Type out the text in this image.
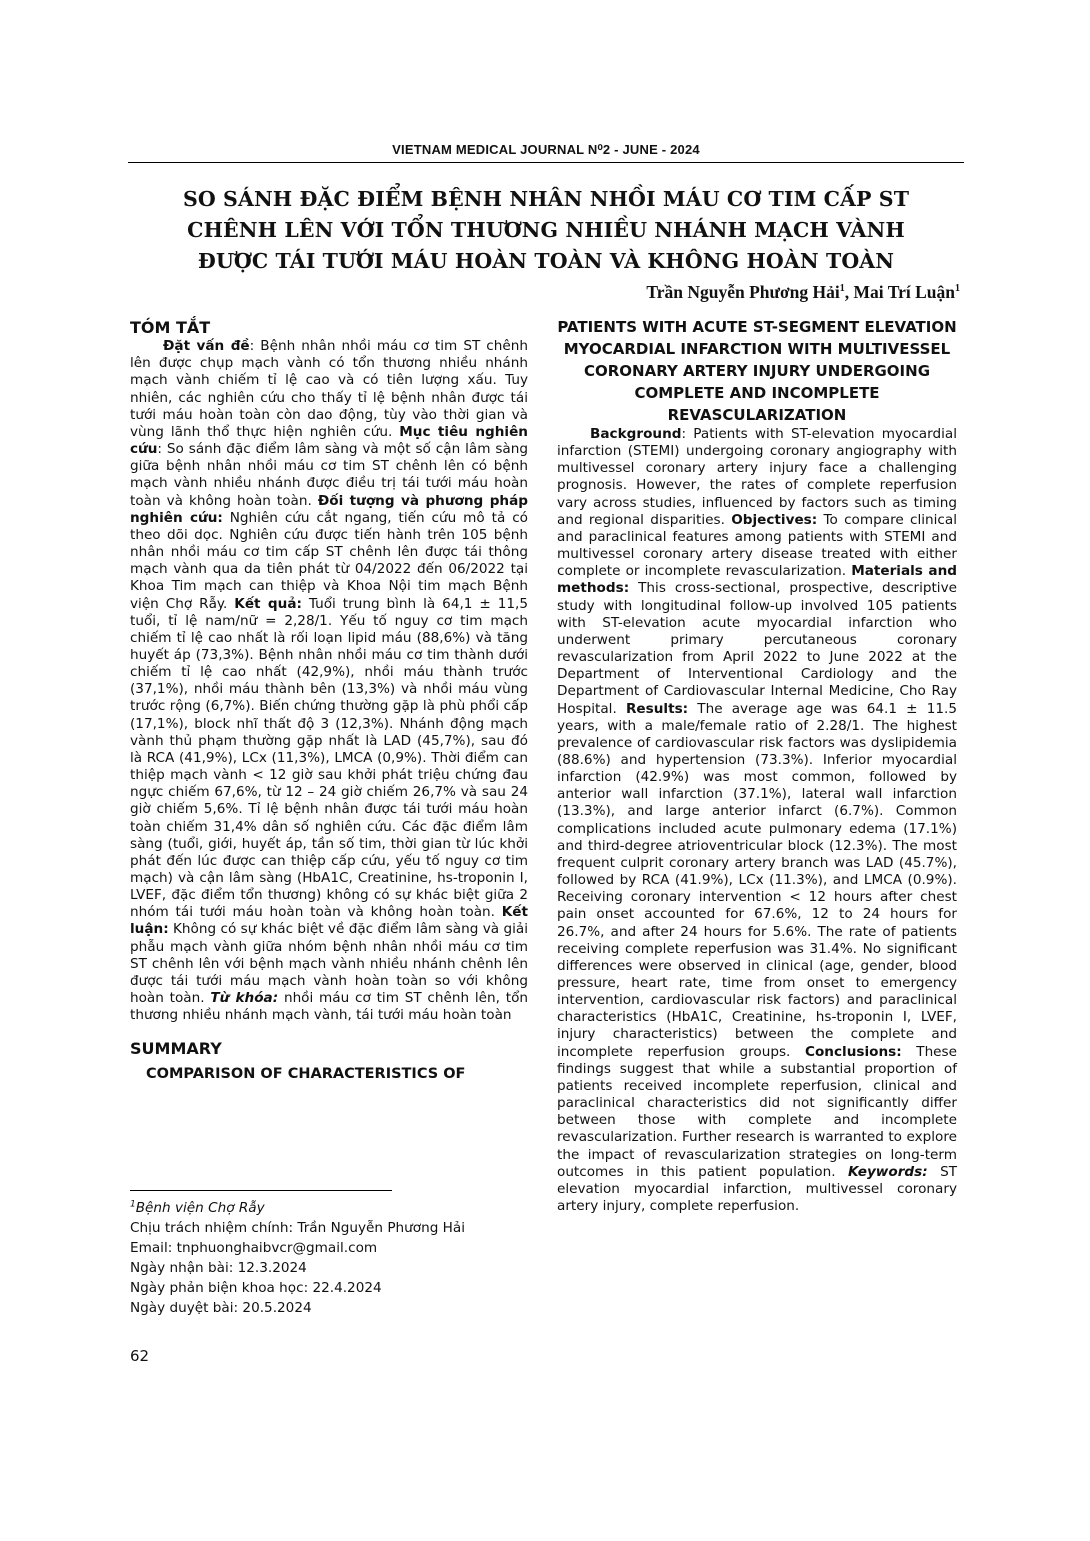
VIETNAM MEDICAL JOURNAL N⁰2 - JUNE - 2024
SO SÁNH ĐẶC ĐIỂM BỆNH NHÂN NHỒI MÁU CƠ TIM CẤP ST
CHÊNH LÊN VỚI TỔN THƯƠNG NHIỀU NHÁNH MẠCH VÀNH
ĐƯỢC TÁI TƯỚI MÁU HOÀN TOÀN VÀ KHÔNG HOÀN TOÀN
Trần Nguyễn Phương Hải$^1$, Mai Trí Luận$^1$
TÓM TẮT

Đặt vấn đề: Bệnh nhân nhồi máu cơ tim ST chênh lên được chụp mạch vành có tổn thương nhiều nhánh mạch vành chiếm tỉ lệ cao và có tiên lượng xấu. Tuy nhiên, các nghiên cứu cho thấy tỉ lệ bệnh nhân được tái tưới máu hoàn toàn còn dao động, tùy vào thời gian và vùng lãnh thổ thực hiện nghiên cứu. Mục tiêu nghiên cứu: So sánh đặc điểm lâm sàng và một số cận lâm sàng giữa bệnh nhân nhồi máu cơ tim ST chênh lên có bệnh mạch vành nhiều nhánh được điều trị tái tưới máu hoàn toàn và không hoàn toàn. Đối tượng và phương pháp nghiên cứu: Nghiên cứu cắt ngang, tiến cứu mô tả có theo dõi dọc. Nghiên cứu được tiến hành trên 105 bệnh nhân nhồi máu cơ tim cấp ST chênh lên được tái thông mạch vành qua da tiên phát từ 04/2022 đến 06/2022 tại Khoa Tim mạch can thiệp và Khoa Nội tim mạch Bệnh viện Chợ Rẫy. Kết quả: Tuổi trung bình là 64,1 ± 11,5 tuổi, tỉ lệ nam/nữ = 2,28/1. Yếu tố nguy cơ tim mạch chiếm tỉ lệ cao nhất là rối loạn lipid máu (88,6%) và tăng huyết áp (73,3%). Bệnh nhân nhồi máu cơ tim thành dưới chiếm tỉ lệ cao nhất (42,9%), nhồi máu thành trước (37,1%), nhồi máu thành bên (13,3%) và nhồi máu vùng trước rộng (6,7%). Biến chứng thường gặp là phù phổi cấp (17,1%), block nhĩ thất độ 3 (12,3%). Nhánh động mạch vành thủ phạm thường gặp nhất là LAD (45,7%), sau đó là RCA (41,9%), LCx (11,3%), LMCA (0,9%). Thời điểm can thiệp mạch vành < 12 giờ sau khởi phát triệu chứng đau ngực chiếm 67,6%, từ 12 – 24 giờ chiếm 26,7% và sau 24 giờ chiếm 5,6%. Tỉ lệ bệnh nhân được tái tưới máu hoàn toàn chiếm 31,4% dân số nghiên cứu. Các đặc điểm lâm sàng (tuổi, giới, huyết áp, tần số tim, thời gian từ lúc khởi phát đến lúc được can thiệp cấp cứu, yếu tố nguy cơ tim mạch) và cận lâm sàng (HbA1C, Creatinine, hs-troponin I, LVEF, đặc điểm tổn thương) không có sự khác biệt giữa 2 nhóm tái tưới máu hoàn toàn và không hoàn toàn. Kết luận: Không có sự khác biệt về đặc điểm lâm sàng và giải phẫu mạch vành giữa nhóm bệnh nhân nhồi máu cơ tim ST chênh lên với bệnh mạch vành nhiều nhánh chênh lên được tái tưới máu mạch vành hoàn toàn so với không hoàn toàn. Từ khóa: nhồi máu cơ tim ST chênh lên, tổn thương nhiều nhánh mạch vành, tái tưới máu hoàn toàn

SUMMARY
COMPARISON OF CHARACTERISTICS OF
PATIENTS WITH ACUTE ST-SEGMENT ELEVATION MYOCARDIAL INFARCTION WITH MULTIVESSEL CORONARY ARTERY INJURY UNDERGOING COMPLETE AND INCOMPLETE REVASCULARIZATION

Background: Patients with ST-elevation myocardial infarction (STEMI) undergoing coronary angiography with multivessel coronary artery injury face a challenging prognosis. However, the rates of complete reperfusion vary across studies, influenced by factors such as timing and regional disparities. Objectives: To compare clinical and paraclinical features among patients with STEMI and multivessel coronary artery disease treated with either complete or incomplete revascularization. Materials and methods: This cross-sectional, prospective, descriptive study with longitudinal follow-up involved 105 patients with ST-elevation acute myocardial infarction who underwent primary percutaneous coronary revascularization from April 2022 to June 2022 at the Department of Interventional Cardiology and the Department of Cardiovascular Internal Medicine, Cho Ray Hospital. Results: The average age was 64.1 ± 11.5 years, with a male/female ratio of 2.28/1. The highest prevalence of cardiovascular risk factors was dyslipidemia (88.6%) and hypertension (73.3%). Inferior myocardial infarction (42.9%) was most common, followed by anterior wall infarction (37.1%), lateral wall infarction (13.3%), and large anterior infarct (6.7%). Common complications included acute pulmonary edema (17.1%) and third-degree atrioventricular block (12.3%). The most frequent culprit coronary artery branch was LAD (45.7%), followed by RCA (41.9%), LCx (11.3%), and LMCA (0.9%). Receiving coronary intervention < 12 hours after chest pain onset accounted for 67.6%, 12 to 24 hours for 26.7%, and after 24 hours for 5.6%. The rate of patients receiving complete reperfusion was 31.4%. No significant differences were observed in clinical (age, gender, blood pressure, heart rate, time from onset to emergency intervention, cardiovascular risk factors) and paraclinical characteristics (HbA1C, Creatinine, hs-troponin I, LVEF, injury characteristics) between the complete and incomplete reperfusion groups. Conclusions: These findings suggest that while a substantial proportion of patients received incomplete reperfusion, clinical and paraclinical characteristics did not significantly differ between those with complete and incomplete revascularization. Further research is warranted to explore the impact of revascularization strategies on long-term outcomes in this patient population. Keywords: ST elevation myocardial infarction, multivessel coronary artery injury, complete reperfusion.

$^1$Bệnh viện Chợ Rẫy
Chịu trách nhiệm chính: Trần Nguyễn Phương Hải
Email: tnphuonghaibvcr@gmail.com
Ngày nhận bài: 12.3.2024
Ngày phản biện khoa học: 22.4.2024
Ngày duyệt bài: 20.5.2024
62
